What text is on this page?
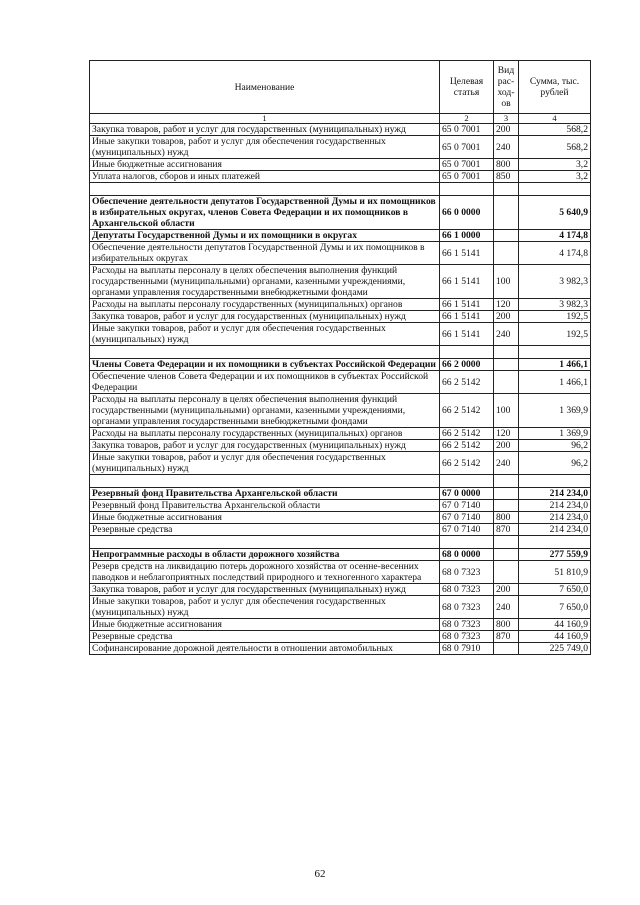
Наименование	Целевая статья	Вид рас-ход-ов	Сумма, тыс. рублей
1	2	3	4
Закупка товаров, работ и услуг для государственных (муниципальных) нужд	65 0 7001	200	568,2
Иные закупки товаров, работ и услуг для обеспечения государственных (муниципальных) нужд	65 0 7001	240	568,2
Иные бюджетные ассигнования	65 0 7001	800	3,2
Уплата налогов, сборов и иных платежей	65 0 7001	850	3,2

Обеспечение деятельности депутатов Государственной Думы и их помощников в избирательных округах, членов Совета Федерации и их помощников в Архангельской области	66 0 0000		5 640,9
Депутаты Государственной Думы и их помощники в округах	66 1 0000		4 174,8
Обеспечение деятельности депутатов Государственной Думы и их помощников в избирательных округах	66 1 5141		4 174,8
Расходы на выплаты персоналу в целях обеспечения выполнения функций государственными (муниципальными) органами, казенными учреждениями, органами управления государственными внебюджетными фондами	66 1 5141	100	3 982,3
Расходы на выплаты персоналу государственных (муниципальных) органов	66 1 5141	120	3 982,3
Закупка товаров, работ и услуг для государственных (муниципальных) нужд	66 1 5141	200	192,5
Иные закупки товаров, работ и услуг для обеспечения государственных (муниципальных) нужд	66 1 5141	240	192,5

Члены Совета Федерации и их помощники в субъектах Российской Федерации	66 2 0000		1 466,1
Обеспечение членов Совета Федерации и их помощников в субъектах Российской Федерации	66 2 5142		1 466,1
Расходы на выплаты персоналу в целях обеспечения выполнения функций государственными (муниципальными) органами, казенными учреждениями, органами управления государственными внебюджетными фондами	66 2 5142	100	1 369,9
Расходы на выплаты персоналу государственных (муниципальных) органов	66 2 5142	120	1 369,9
Закупка товаров, работ и услуг для государственных (муниципальных) нужд	66 2 5142	200	96,2
Иные закупки товаров, работ и услуг для обеспечения государственных (муниципальных) нужд	66 2 5142	240	96,2

Резервный фонд Правительства Архангельской области	67 0 0000		214 234,0
Резервный фонд Правительства Архангельской области	67 0 7140		214 234,0
Иные бюджетные ассигнования	67 0 7140	800	214 234,0
Резервные средства	67 0 7140	870	214 234,0

Непрограммные расходы в области дорожного хозяйства	68 0 0000		277 559,9
Резерв средств на ликвидацию потерь дорожного хозяйства от осенне-весенних паводков и неблагоприятных последствий природного и техногенного характера	68 0 7323		51 810,9
Закупка товаров, работ и услуг для государственных (муниципальных) нужд	68 0 7323	200	7 650,0
Иные закупки товаров, работ и услуг для обеспечения государственных (муниципальных) нужд	68 0 7323	240	7 650,0
Иные бюджетные ассигнования	68 0 7323	800	44 160,9
Резервные средства	68 0 7323	870	44 160,9
Софинансирование дорожной деятельности в отношении автомобильных	68 0 7910		225 749,0
62
